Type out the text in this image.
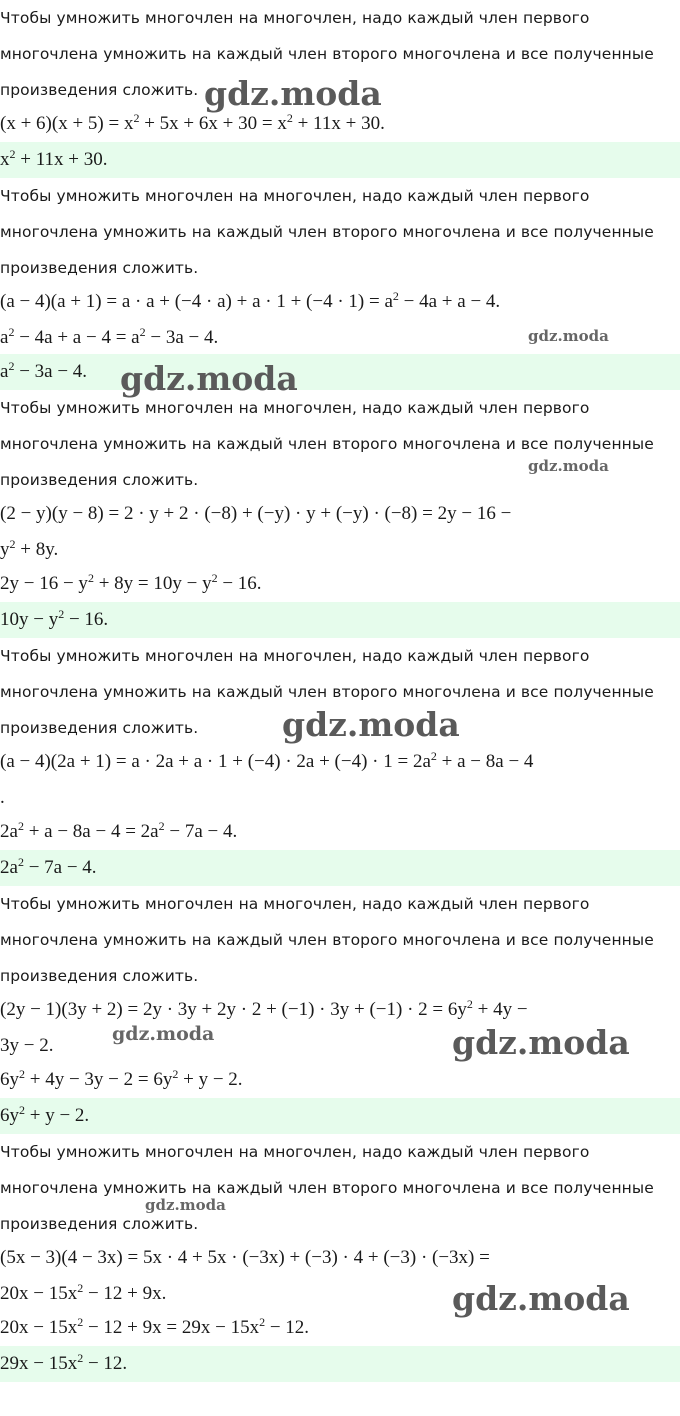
Чтобы умножить многочлен на многочлен, надо каждый член первого
многочлена умножить на каждый член второго многочлена и все полученные
произведения сложить.
$(x + 6)(x + 5) = x^2 + 5x + 6x + 30 = x^2 + 11x + 30$.
$x^2 + 11x + 30$.
Чтобы умножить многочлен на многочлен, надо каждый член первого
многочлена умножить на каждый член второго многочлена и все полученные
произведения сложить.
$(a - 4)(a + 1) = a \cdot a + (-4 \cdot a) + a \cdot 1 + (-4 \cdot 1) = a^2 - 4a + a - 4$.
$a^2 - 4a + a - 4 = a^2 - 3a - 4$.
$a^2 - 3a - 4$.
Чтобы умножить многочлен на многочлен, надо каждый член первого
многочлена умножить на каждый член второго многочлена и все полученные
произведения сложить.
(2 − y)(y − 8) = 2 · y + 2 · (−8) + (−y) · y + (−y) · (−8) = 2y − 16 −
$y^2 + 8y$.
$2y - 16 - y^2 + 8y = 10y - y^2 - 16$.
$10y - y^2 - 16$.
Чтобы умножить многочлен на многочлен, надо каждый член первого
многочлена умножить на каждый член второго многочлена и все полученные
произведения сложить.
$(a - 4)(2a + 1) = a \cdot 2a + a \cdot 1 + (-4) \cdot 2a + (-4) \cdot 1 = 2a^2 + a - 8a - 4$
.
$2a^2 + a - 8a - 4 = 2a^2 - 7a - 4$.
$2a^2 - 7a - 4$.
Чтобы умножить многочлен на многочлен, надо каждый член первого
многочлена умножить на каждый член второго многочлена и все полученные
произведения сложить.
$(2y - 1)(3y + 2) = 2y \cdot 3y + 2y \cdot 2 + (-1) \cdot 3y + (-1) \cdot 2 = 6y^2 + 4y$ −
3y − 2.
$6y^2 + 4y - 3y - 2 = 6y^2 + y - 2$.
$6y^2 + y - 2$.
Чтобы умножить многочлен на многочлен, надо каждый член первого
многочлена умножить на каждый член второго многочлена и все полученные
произведения сложить.
(5x − 3)(4 − 3x) = 5x · 4 + 5x · (−3x) + (−3) · 4 + (−3) · (−3x) =
$20x - 15x^2 - 12 + 9x$.
$20x - 15x^2 - 12 + 9x = 29x - 15x^2 - 12$.
$29x - 15x^2 - 12$.
gdz.moda
gdz.moda
gdz.moda
gdz.moda
gdz.moda
gdz.moda	gdz.moda
gdz.moda
gdz.moda
